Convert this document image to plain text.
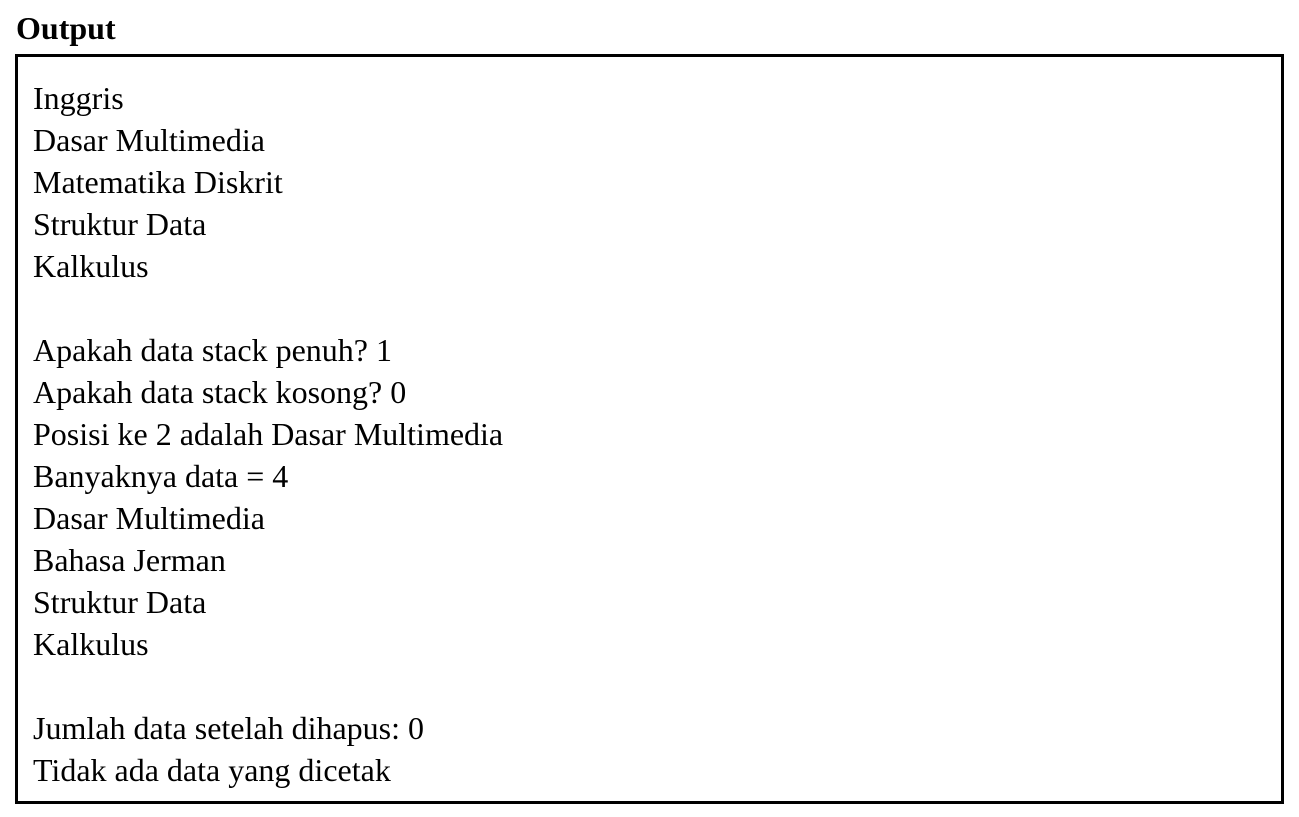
Output
Inggris
Dasar Multimedia
Matematika Diskrit
Struktur Data
Kalkulus
Apakah data stack penuh? 1
Apakah data stack kosong? 0
Posisi ke 2 adalah Dasar Multimedia
Banyaknya data = 4
Dasar Multimedia
Bahasa Jerman
Struktur Data
Kalkulus
Jumlah data setelah dihapus: 0
Tidak ada data yang dicetak
